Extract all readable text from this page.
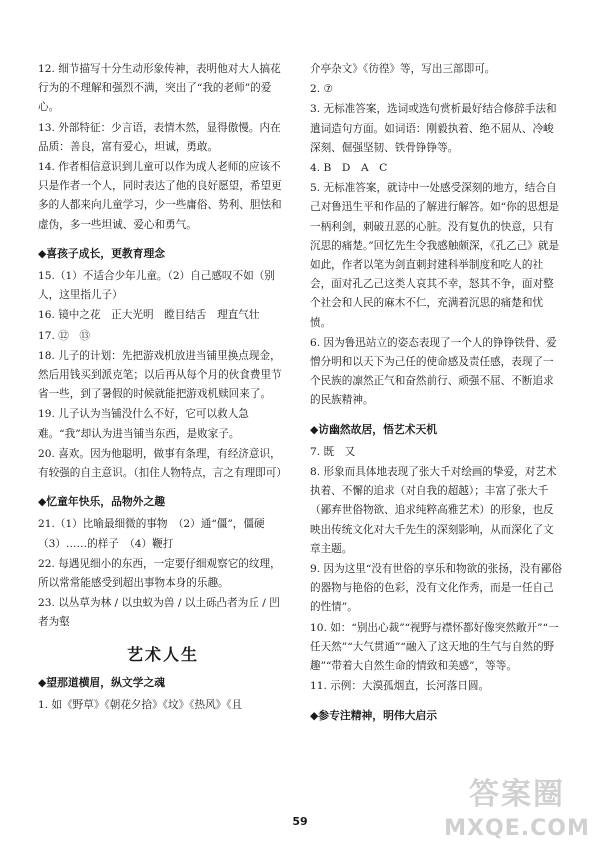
12. 细节描写十分生动形象传神，表明他对大人搞花行为的不理解和强烈不满，突出了“我的老师”的爱心。
13. 外部特征：少言语，表情木然，显得傲慢。内在品质：善良，富有爱心，坦诚，勇敢。
14. 作者相信意识到儿童可以作为成人老师的应该不只是作者一个人，同时表达了他的良好愿望，希望更多的人都来向儿童学习，少一些庸俗、势利、胆怯和虚伪，多一些坦诚、爱心和勇气。
◆喜孩子成长，更教育理念
15.（1）不适合少年儿童。（2）自己感叹不如（别人，这里指儿子）
16. 镜中之花　正大光明　瞠目结舌　理直气壮
17. ⑫　⑬
18. 儿子的计划：先把游戏机放进当铺里换点现金，然后用钱买到派克笔；以后再从每个月的伙食费里节省一些，到了暑假的时候就能把游戏机赎回来了。
19. 儿子认为当铺没什么不好，它可以救人急难。“我”却认为进当铺当东西，是败家子。
20. 喜欢。因为他聪明，做事有条理，有经济意识，有较强的自主意识。（扣住人物特点，言之有理即可）
◆忆童年快乐，品物外之趣
21.（1）比喻最细微的事物　（2）通“僵”，僵硬　（3）……的样子　（4）鞭打
22. 每遇见细小的东西，一定要仔细观察它的纹理，所以常常能感受到超出事物本身的乐趣。
23. 以丛草为林 / 以虫蚁为兽 / 以土砾凸者为丘 / 凹者为壑
艺术人生
◆望那道横眉，纵文学之魂
1. 如《野草》《朝花夕拾》《坟》《热风》《且
介亭杂文》《彷徨》等，写出三部即可。
2. ⑦
3. 无标准答案，选词或选句赏析最好结合修辞手法和遣词造句方面。如词语：刚毅执着、绝不屈从、冷峻深刻、倔强坚韧、铁骨铮铮等。
4. B　D　A　C
5. 无标准答案，就诗中一处感受深刻的地方，结合自己对鲁迅生平和作品的了解进行解答。如“你的思想是一柄利剑，刺破丑恶的心脏。没有复仇的快意，只有沉思的痛楚。”回忆先生令我感触颇深，《孔乙己》就是如此，作者以笔为剑直刺封建科举制度和吃人的社会，面对孔乙己这类人哀其不幸，怒其不争，面对整个社会和人民的麻木不仁，充满着沉思的痛楚和忧愤。
6. 因为鲁迅站立的姿态表现了一个人的铮铮铁骨、爱憎分明和以天下为己任的使命感及责任感，表现了一个民族的凛然正气和奋然前行、顽强不屈、不断追求的民族精神。
◆访幽然故居，悟艺术天机
7. 既　又
8. 形象而具体地表现了张大千对绘画的挚爱，对艺术执着、不懈的追求（对自我的超越）；丰富了张大千（鄙弃世俗物欲、追求纯粹高雅艺术）的形象，也反映出传统文化对大千先生的深刻影响，从而深化了文章主题。
9. 因为这里“没有世俗的享乐和物欲的张扬，没有鄙俗的器物与艳俗的色彩，没有文化作秀，而是一任自己的性情”。
10. 如：“别出心裁”“视野与襟怀都好像突然敞开”“一任天然”“大气贯通”“融入了这天地的生气与自然的野趣”“带着大自然生命的情致和美感”，等等。
11. 示例：大漠孤烟直，长河落日圆。
◆参专注精神，明伟大启示
59
答案圈
MXQE.COM
